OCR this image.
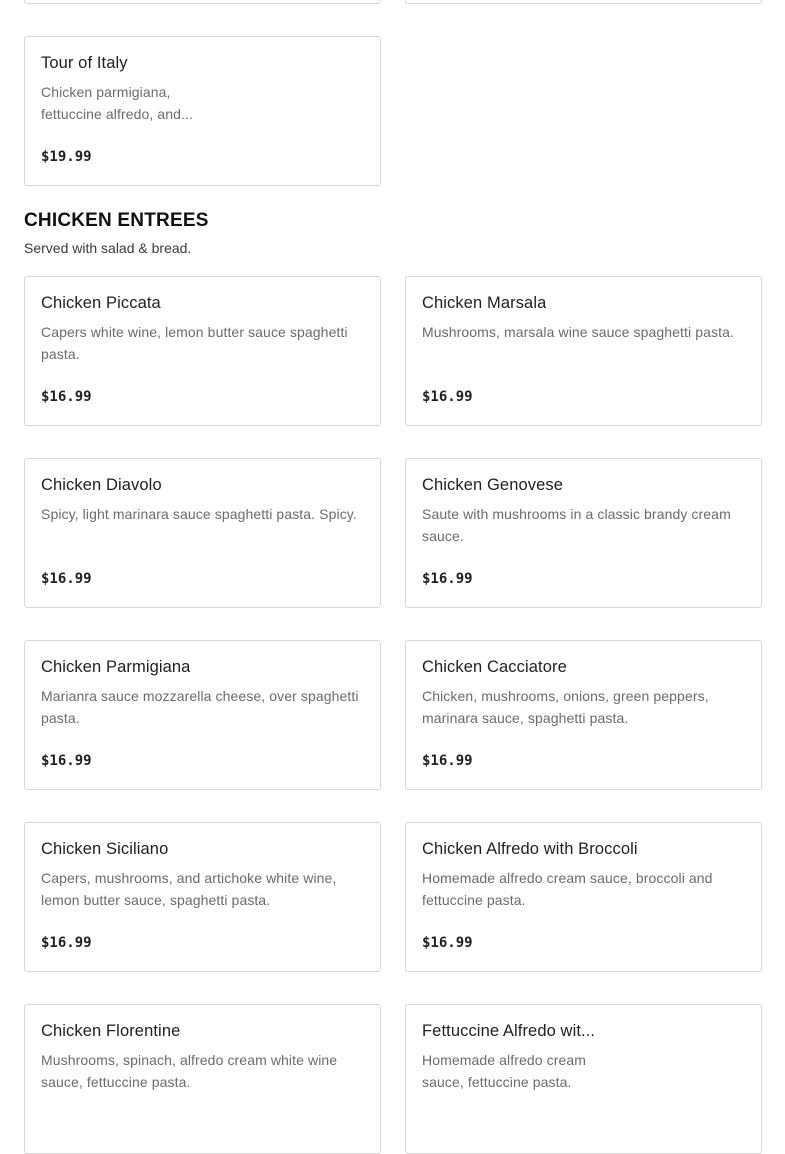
Tour of Italy
Chicken parmigiana, fettuccine alfredo, and...
$19.99
CHICKEN ENTREES
Served with salad & bread.
Chicken Piccata
Capers white wine, lemon butter sauce spaghetti pasta.
$16.99
Chicken Marsala
Mushrooms, marsala wine sauce spaghetti pasta.
$16.99
Chicken Diavolo
Spicy, light marinara sauce spaghetti pasta. Spicy.
$16.99
Chicken Genovese
Saute with mushrooms in a classic brandy cream sauce.
$16.99
Chicken Parmigiana
Marianra sauce mozzarella cheese, over spaghetti pasta.
$16.99
Chicken Cacciatore
Chicken, mushrooms, onions, green peppers, marinara sauce, spaghetti pasta.
$16.99
Chicken Siciliano
Capers, mushrooms, and artichoke white wine, lemon butter sauce, spaghetti pasta.
$16.99
Chicken Alfredo with Broccoli
Homemade alfredo cream sauce, broccoli and fettuccine pasta.
$16.99
Chicken Florentine
Mushrooms, spinach, alfredo cream white wine sauce, fettuccine pasta.
Fettuccine Alfredo wit...
Homemade alfredo cream sauce, fettuccine pasta.
